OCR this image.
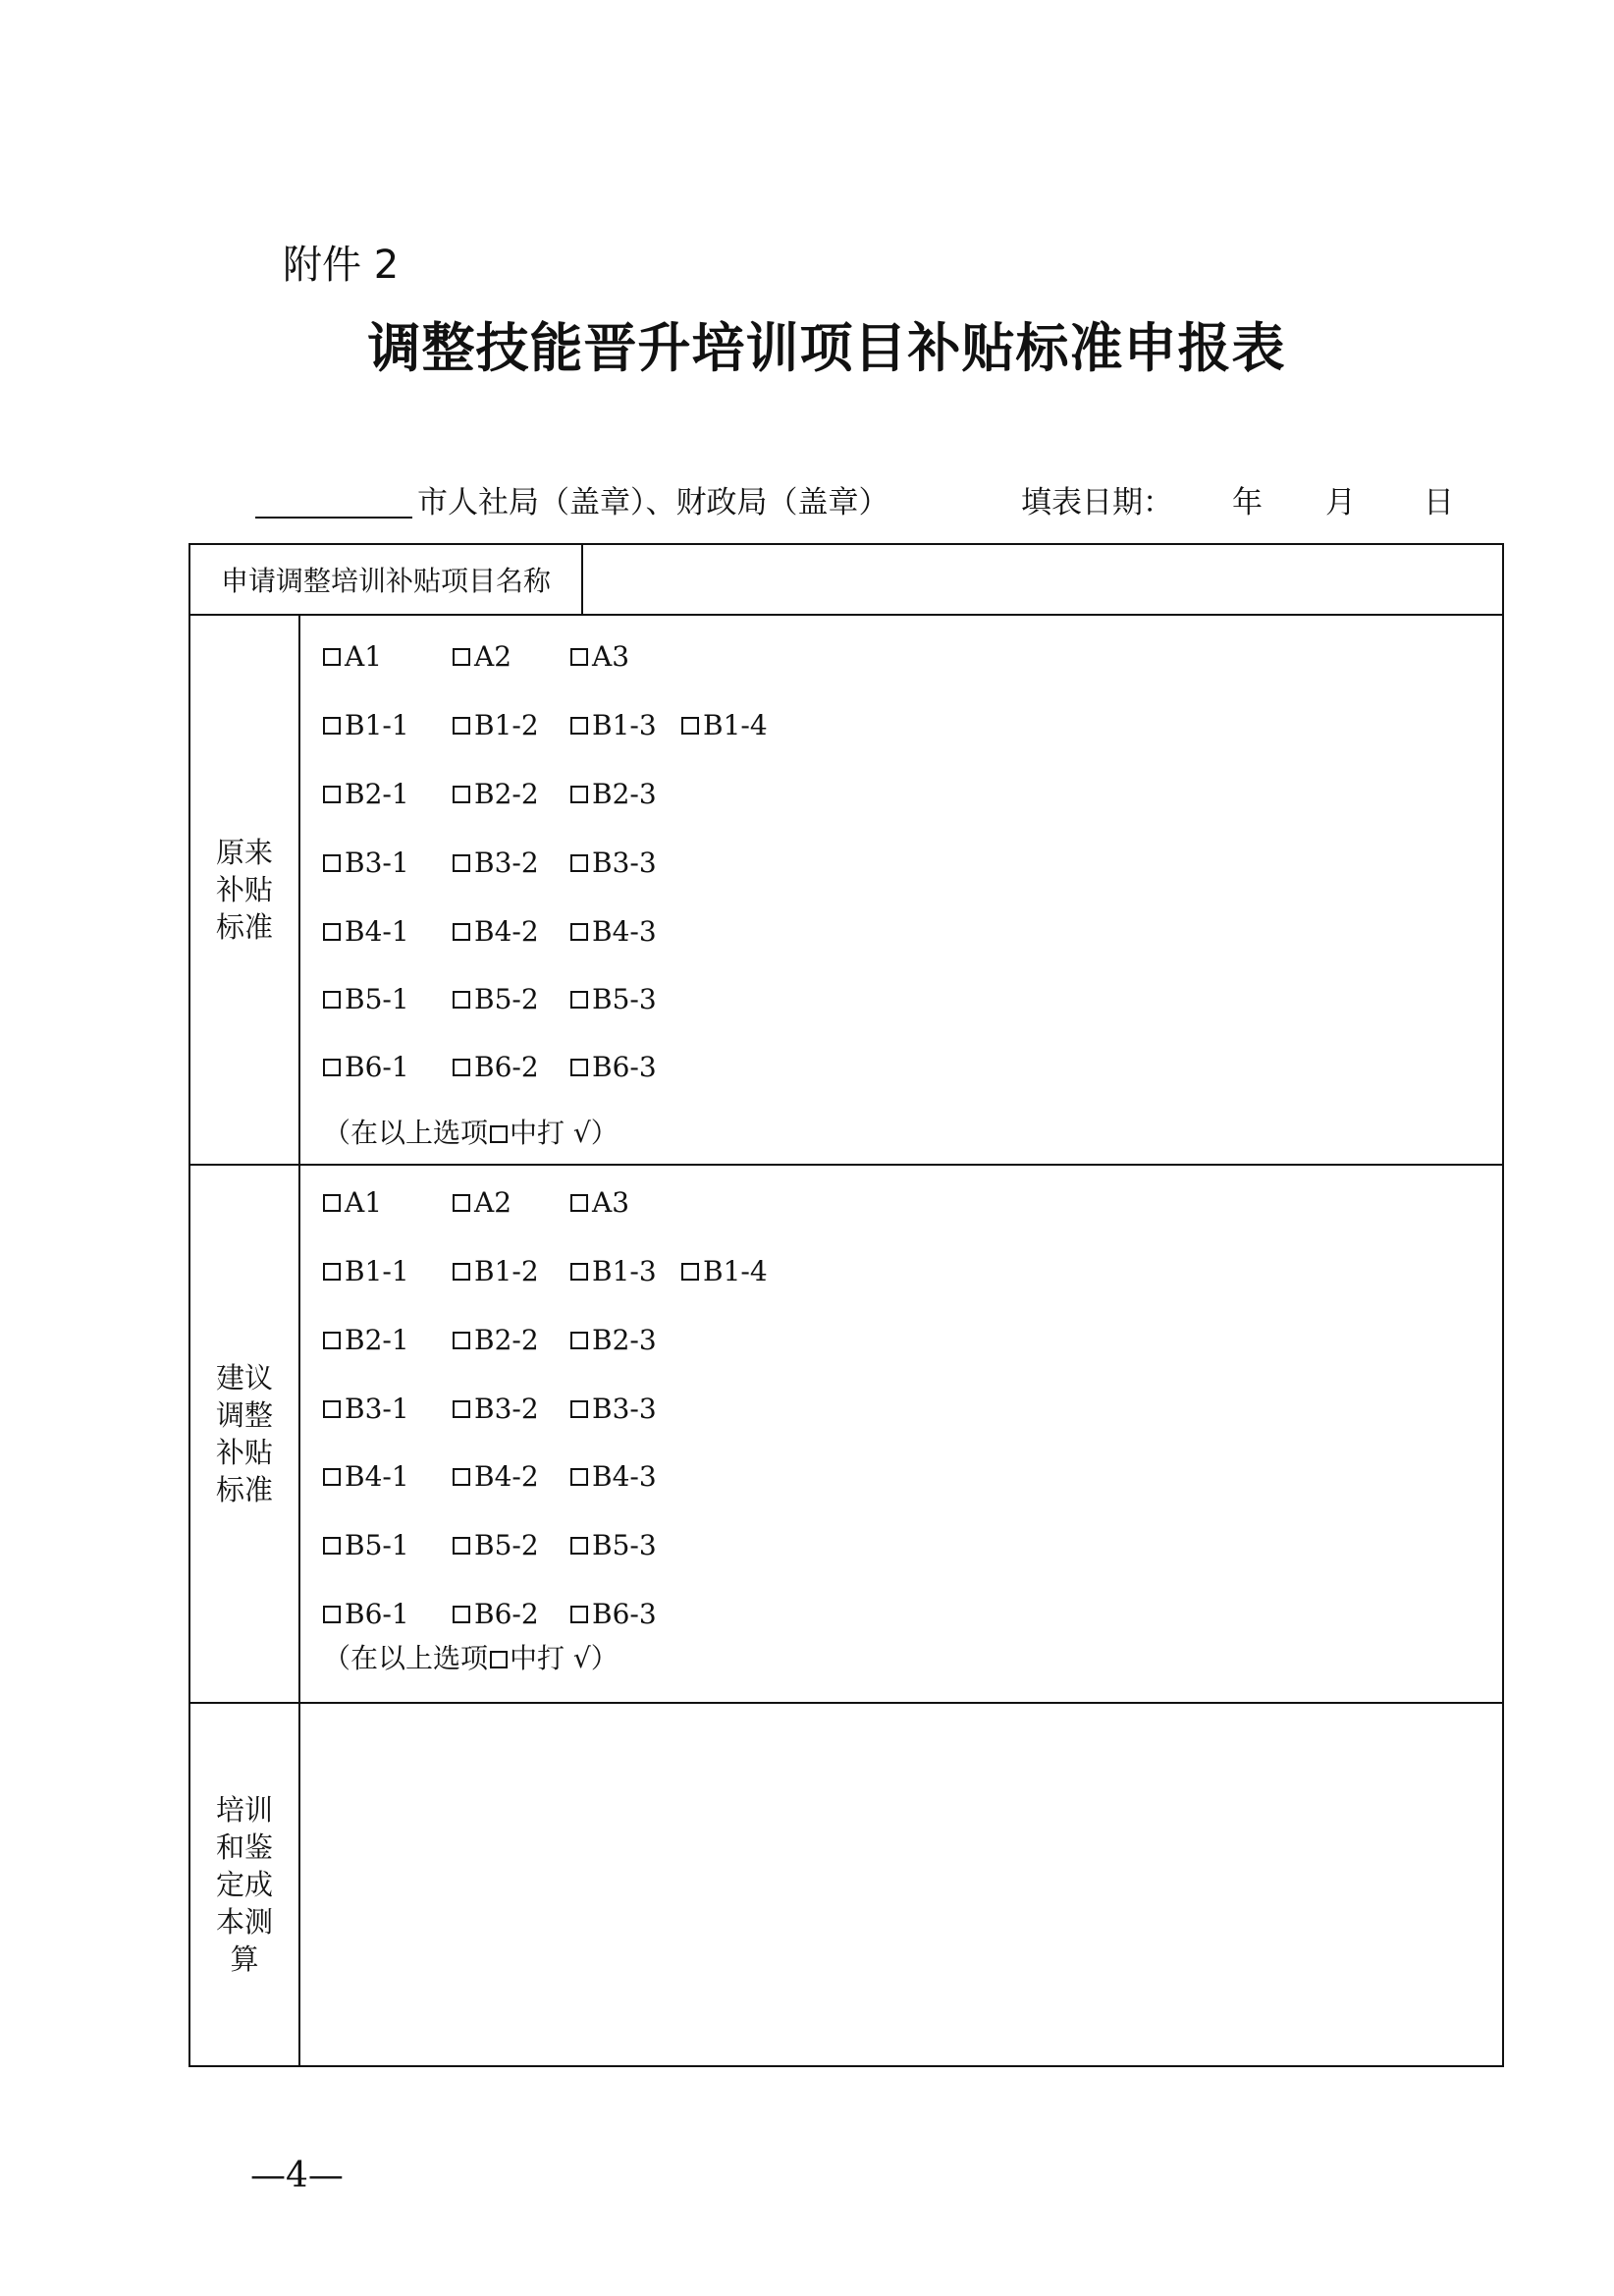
附件 2
调整技能晋升培训项目补贴标准申报表
市人社局（盖章）、财政局（盖章）	填表日期： 年 月 日
申请调整培训补贴项目名称
原来补贴标准
A1	A2	A3
B1-1 B1-2 B1-3 B1-4
B2-1 B2-2 B2-3
B3-1 B3-2 B3-3
B4-1 B4-2 B4-3
B5-1 B5-2 B5-3
B6-1 B6-2 B6-3
（在以上选项 中打 √）
建议调整补贴标准
A1	A2	A3
B1-1 B1-2 B1-3 B1-4
B2-1 B2-2 B2-3
B3-1 B3-2 B3-3
B4-1 B4-2 B4-3
B5-1 B5-2 B5-3
B6-1 B6-2 B6-3
（在以上选项 中打 √）
培训和鉴定成本测算
—4—
